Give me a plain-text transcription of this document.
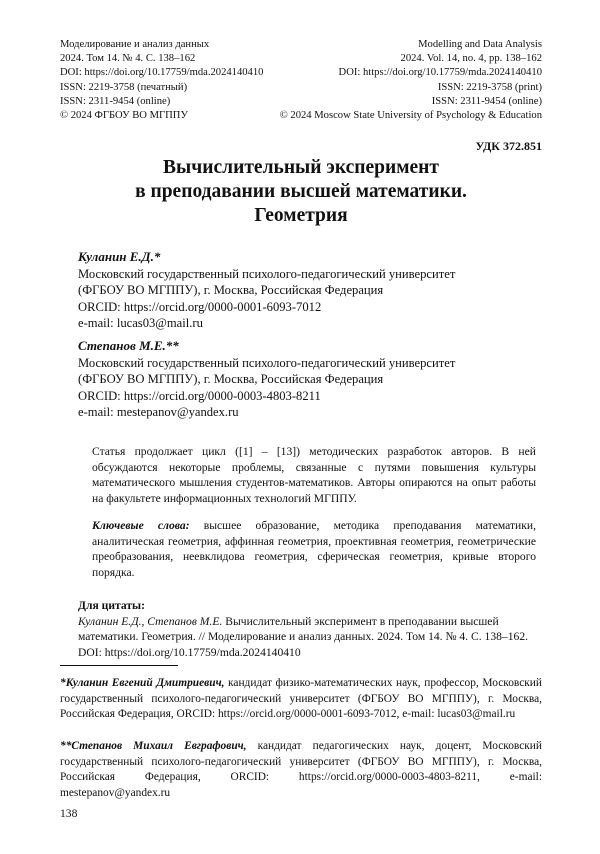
Моделирование и анализ данных
2024. Том 14. № 4. С. 138–162
DOI: https://doi.org/10.17759/mda.2024140410
ISSN: 2219-3758 (печатный)
ISSN: 2311-9454 (online)
© 2024 ФГБОУ ВО МГППУ
Modelling and Data Analysis
2024. Vol. 14, no. 4, pp. 138–162
DOI: https://doi.org/10.17759/mda.2024140410
ISSN: 2219-3758 (print)
ISSN: 2311-9454 (online)
© 2024 Moscow State University of Psychology & Education
УДК 372.851
Вычислительный эксперимент
в преподавании высшей математики.
Геометрия
Куланин Е.Д.*
Московский государственный психолого-педагогический университет
(ФГБОУ ВО МГППУ), г. Москва, Российская Федерация
ORCID: https://orcid.org/0000-0001-6093-7012
e-mail: lucas03@mail.ru
Степанов М.Е.**
Московский государственный психолого-педагогический университет
(ФГБОУ ВО МГППУ), г. Москва, Российская Федерация
ORCID: https://orcid.org/0000-0003-4803-8211
e-mail: mestepanov@yandex.ru
Статья продолжает цикл ([1] – [13]) методических разработок авторов. В ней обсуждаются некоторые проблемы, связанные с путями повышения культуры математического мышления студентов-математиков. Авторы опираются на опыт работы на факультете информационных технологий МГППУ.
Ключевые слова: высшее образование, методика преподавания математики, аналитическая геометрия, аффинная геометрия, проективная геометрия, геометрические преобразования, неевклидова геометрия, сферическая геометрия, кривые второго порядка.
Для цитаты:
Куланин Е.Д., Степанов М.Е. Вычислительный эксперимент в преподавании высшей математики. Геометрия. // Моделирование и анализ данных. 2024. Том 14. № 4. С. 138–162. DOI: https://doi.org/10.17759/mda.2024140410
*Куланин Евгений Дмитриевич, кандидат физико-математических наук, профессор, Московский государственный психолого-педагогический университет (ФГБОУ ВО МГППУ), г. Москва, Российская Федерация, ORCID: https://orcid.org/0000-0001-6093-7012, e-mail: lucas03@mail.ru
**Степанов Михаил Евграфович, кандидат педагогических наук, доцент, Московский государственный психолого-педагогический университет (ФГБОУ ВО МГППУ), г. Москва, Российская Федерация, ORCID: https://orcid.org/0000-0003-4803-8211, e-mail: mestepanov@yandex.ru
138
